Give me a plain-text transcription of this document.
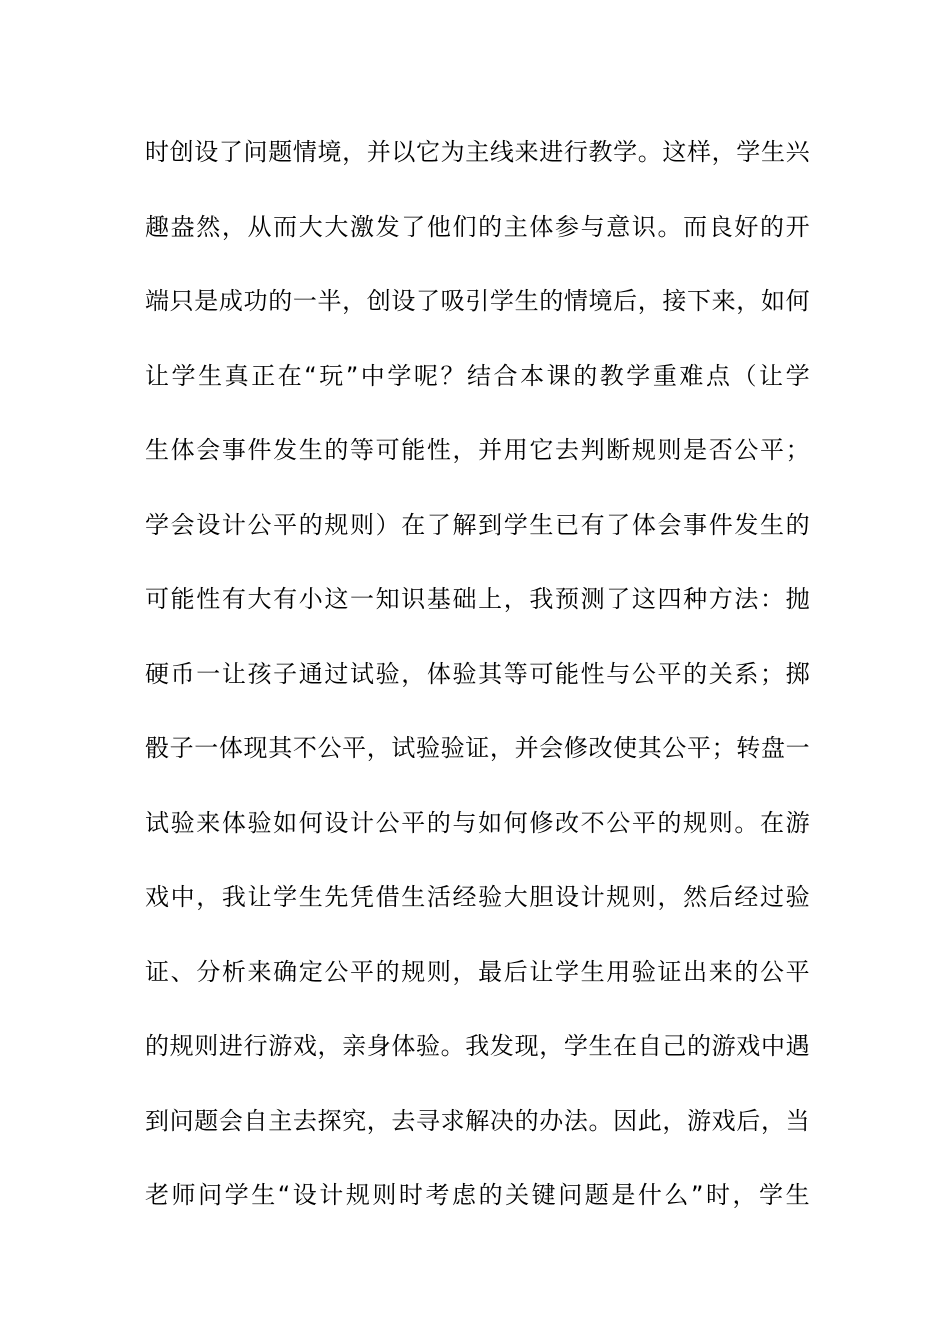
时创设了问题情境，并以它为主线来进行教学。这样，学生兴
趣盎然，从而大大激发了他们的主体参与意识。而良好的开
端只是成功的一半，创设了吸引学生的情境后，接下来，如何
让学生真正在“玩”中学呢？结合本课的教学重难点（让学
生体会事件发生的等可能性，并用它去判断规则是否公平；
学会设计公平的规则）在了解到学生已有了体会事件发生的
可能性有大有小这一知识基础上，我预测了这四种方法：抛
硬币一让孩子通过试验，体验其等可能性与公平的关系；掷
骰子一体现其不公平，试验验证，并会修改使其公平；转盘一
试验来体验如何设计公平的与如何修改不公平的规则。在游
戏中，我让学生先凭借生活经验大胆设计规则，然后经过验
证、分析来确定公平的规则，最后让学生用验证出来的公平
的规则进行游戏，亲身体验。我发现，学生在自己的游戏中遇
到问题会自主去探究，去寻求解决的办法。因此，游戏后，当
老师问学生“设计规则时考虑的关键问题是什么”时，学生
